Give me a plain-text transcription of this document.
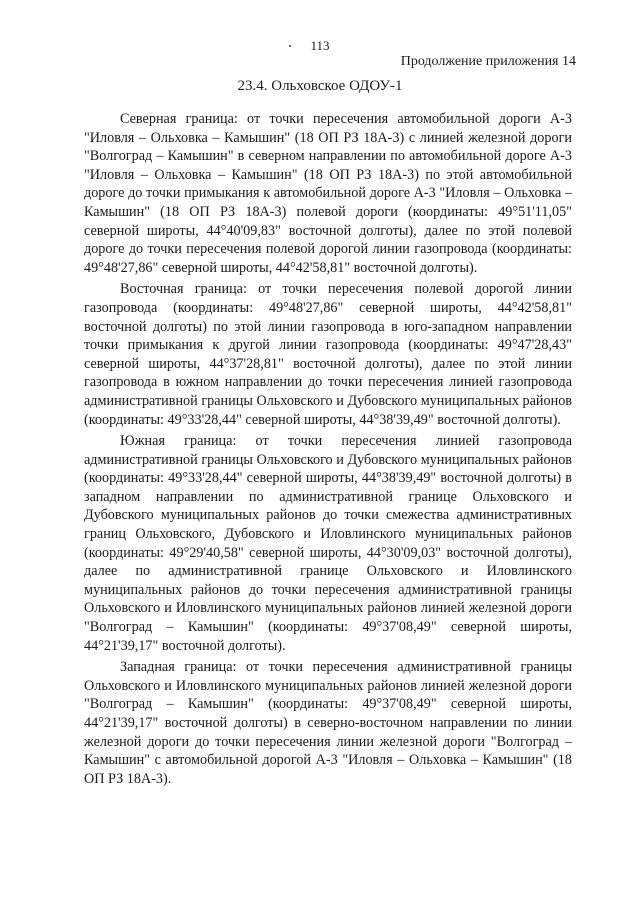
113
Продолжение приложения 14
23.4. Ольховское ОДОУ-1

Северная граница: от точки пересечения автомобильной дороги А-3 "Иловля – Ольховка – Камышин" (18 ОП РЗ 18А-3) с линией железной дороги "Волгоград – Камышин" в северном направлении по автомобильной дороге А-3 "Иловля – Ольховка – Камышин" (18 ОП РЗ 18А-3) по этой автомобильной дороге до точки примыкания к автомобильной дороге А-3 "Иловля – Ольховка – Камышин" (18 ОП РЗ 18А-3) полевой дороги (координаты: 49°51'11,05" северной широты, 44°40'09,83" восточной долготы), далее по этой полевой дороге до точки пересечения полевой дорогой линии газопровода (координаты: 49°48'27,86" северной широты, 44°42'58,81" восточной долготы).

Восточная граница: от точки пересечения полевой дорогой линии газопровода (координаты: 49°48'27,86" северной широты, 44°42'58,81" восточной долготы) по этой линии газопровода в юго-западном направлении точки примыкания к другой линии газопровода (координаты: 49°47'28,43" северной широты, 44°37'28,81" восточной долготы), далее по этой линии газопровода в южном направлении до точки пересечения линией газопровода административной границы Ольховского и Дубовского муниципальных районов (координаты: 49°33'28,44" северной широты, 44°38'39,49" восточной долготы).

Южная граница: от точки пересечения линией газопровода административной границы Ольховского и Дубовского муниципальных районов (координаты: 49°33'28,44" северной широты, 44°38'39,49" восточной долготы) в западном направлении по административной границе Ольховского и Дубовского муниципальных районов до точки смежества административных границ Ольховского, Дубовского и Иловлинского муниципальных районов (координаты: 49°29'40,58" северной широты, 44°30'09,03" восточной долготы), далее по административной границе Ольховского и Иловлинского муниципальных районов до точки пересечения административной границы Ольховского и Иловлинского муниципальных районов линией железной дороги "Волгоград – Камышин" (координаты: 49°37'08,49" северной широты, 44°21'39,17" восточной долготы).

Западная граница: от точки пересечения административной границы Ольховского и Иловлинского муниципальных районов линией железной дороги "Волгоград – Камышин" (координаты: 49°37'08,49" северной широты, 44°21'39,17" восточной долготы) в северно-восточном направлении по линии железной дороги до точки пересечения линии железной дороги "Волгоград – Камышин" с автомобильной дорогой А-3 "Иловля – Ольховка – Камышин" (18 ОП РЗ 18А-3).
